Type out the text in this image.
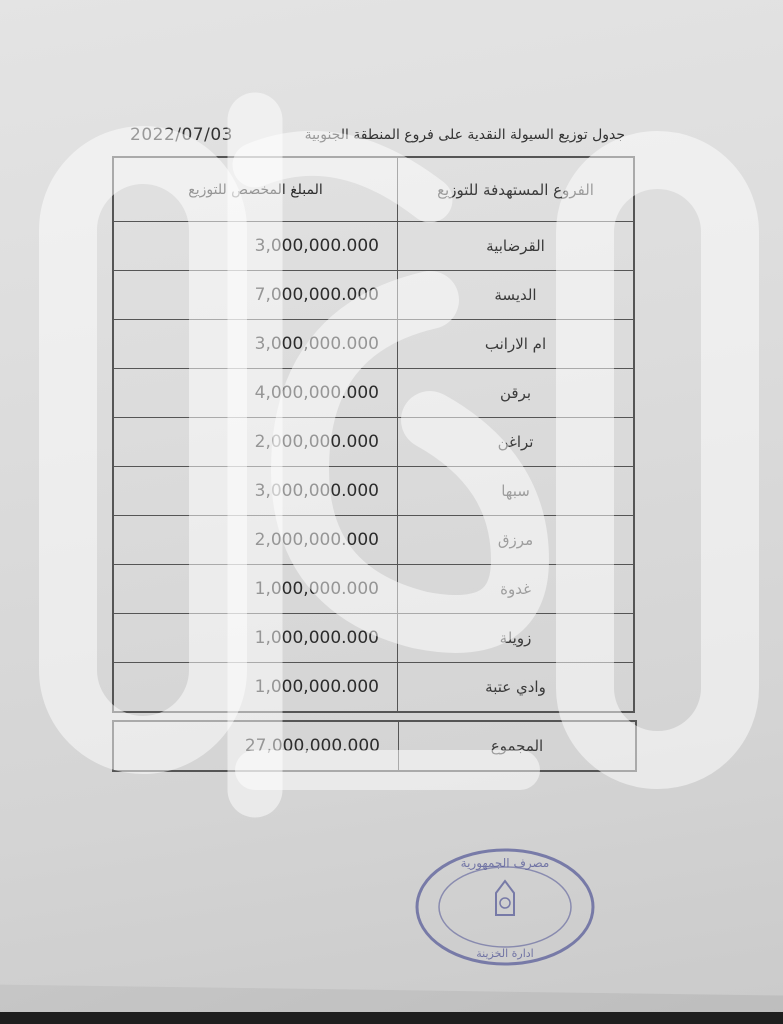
2022/07/03	جدول توزيع السيولة النقدية على فروع المنطقة الجنوبية
المبلغ المخصص للتوزيع	الفروع المستهدفة للتوزيع
3,000,000.000	القرضابية
7,000,000.000	الديسة
3,000,000.000	ام الارانب
4,000,000.000	برقن
2,000,000.000	تراغن
3,000,000.000	سبها
2,000,000.000	مرزق
1,000,000.000	غدوة
1,000,000.000	زويلة
1,000,000.000	وادي عتبة
27,000,000.000	المجموع
مصرف الجمهورية
ادارة الخزينة
